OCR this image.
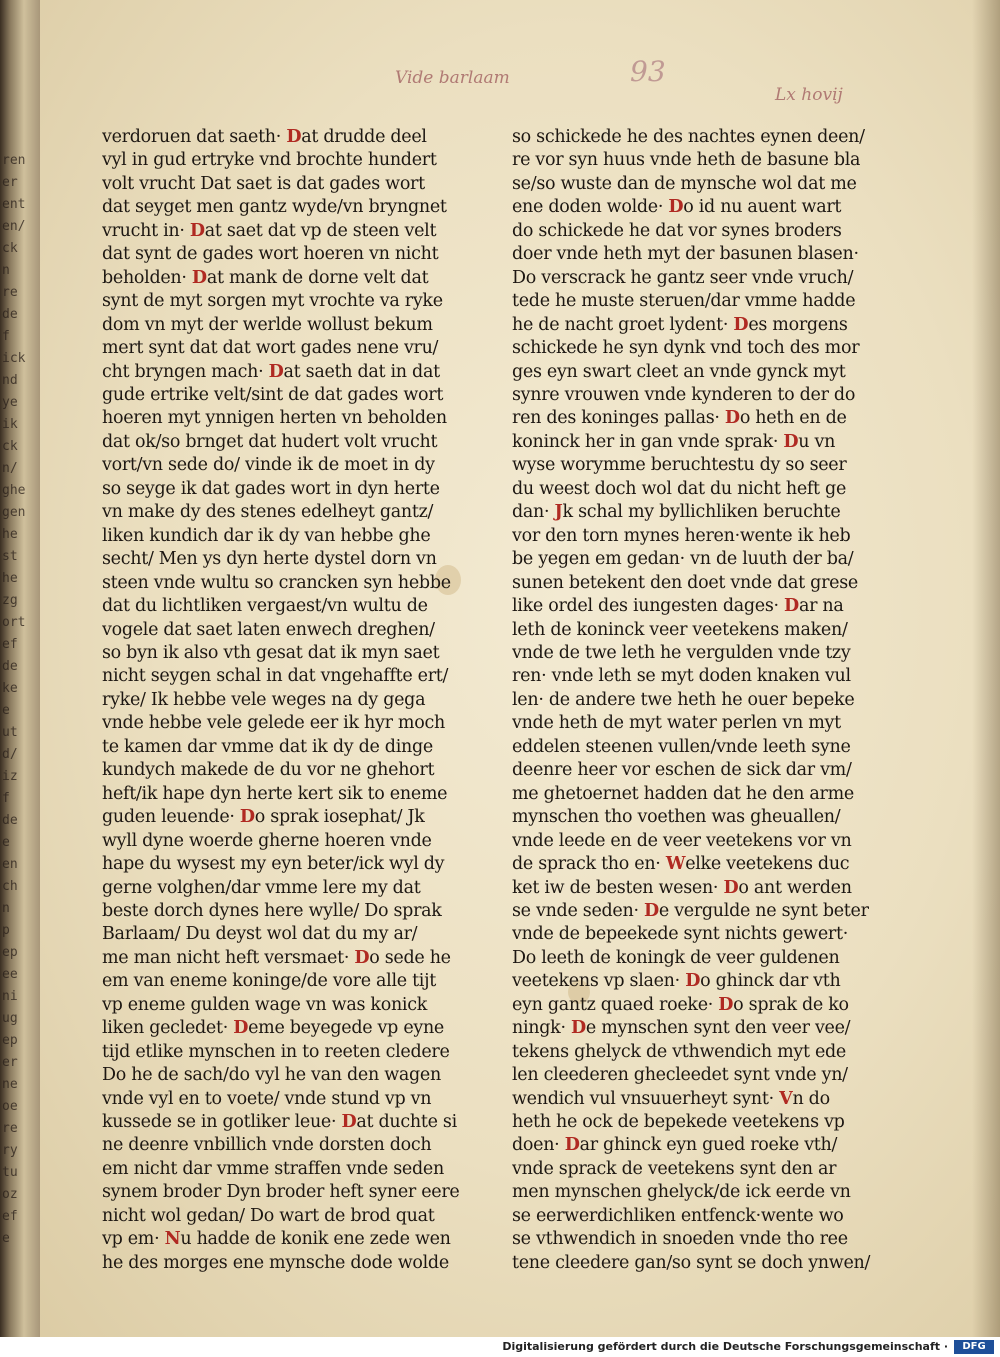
ren
er
ent
en/
ck
n
re
de
f
ick
nd
ye
ik
ck
n/
ghe
gen
he
st
he
zg
ort
ef
de
ke
e
ut
d/
iz
f
de
e
en
ch
n
p
ep
ee
ni
ug
ep
er
ne
oe
re
ry
tu
oz
ef
e
Vide barlaam	93
Lx hovij
verdoruen dat saeth· Dat drudde deel
vyl in gud ertryke vnd brochte hundert
volt vrucht Dat saet is dat gades wort
dat seyget men gantz wyde/vn bryngnet
vrucht in· Dat saet dat vp de steen velt
dat synt de gades wort hoeren vn nicht
beholden· Dat mank de dorne velt dat
synt de myt sorgen myt vrochte va ryke
dom vn myt der werlde wollust bekum
mert synt dat dat wort gades nene vru/
cht bryngen mach· Dat saeth dat in dat
gude ertrike velt/sint de dat gades wort
hoeren myt ynnigen herten vn beholden
dat ok/so brnget dat hudert volt vrucht
vort/vn sede do/ vinde ik de moet in dy
so seyge ik dat gades wort in dyn herte
vn make dy des stenes edelheyt gantz/
liken kundich dar ik dy van hebbe ghe
secht/ Men ys dyn herte dystel dorn vn
steen vnde wultu so crancken syn hebbe
dat du lichtliken vergaest/vn wultu de
vogele dat saet laten enwech dreghen/
so byn ik also vth gesat dat ik myn saet
nicht seygen schal in dat vngehaffte ert/
ryke/ Ik hebbe vele weges na dy gega
vnde hebbe vele gelede eer ik hyr moch
te kamen dar vmme dat ik dy de dinge
kundych makede de du vor ne ghehort
heft/ik hape dyn herte kert sik to eneme
guden leuende· Do sprak iosephat/ Jk
wyll dyne woerde gherne hoeren vnde
hape du wysest my eyn beter/ick wyl dy
gerne volghen/dar vmme lere my dat
beste dorch dynes here wylle/ Do sprak
Barlaam/ Du deyst wol dat du my ar/
me man nicht heft versmaet· Do sede he
em van eneme koninge/de vore alle tijt
vp eneme gulden wage vn was konick
liken gecledet· Deme beyegede vp eyne
tijd etlike mynschen in to reeten cledere
Do he de sach/do vyl he van den wagen
vnde vyl en to voete/ vnde stund vp vn
kussede se in gotliker leue· Dat duchte si
ne deenre vnbillich vnde dorsten doch
em nicht dar vmme straffen vnde seden
synem broder Dyn broder heft syner eere
nicht wol gedan/ Do wart de brod quat
vp em· Nu hadde de konik ene zede wen
he des morges ene mynsche dode wolde
so schickede he des nachtes eynen deen/
re vor syn huus vnde heth de basune bla
se/so wuste dan de mynsche wol dat me
ene doden wolde· Do id nu auent wart
do schickede he dat vor synes broders
doer vnde heth myt der basunen blasen·
Do verscrack he gantz seer vnde vruch/
tede he muste steruen/dar vmme hadde
he de nacht groet lydent· Des morgens
schickede he syn dynk vnd toch des mor
ges eyn swart cleet an vnde gynck myt
synre vrouwen vnde kynderen to der do
ren des koninges pallas· Do heth en de
koninck her in gan vnde sprak· Du vn
wyse worymme beruchtestu dy so seer
du weest doch wol dat du nicht heft ge
dan· Jk schal my byllichliken beruchte
vor den torn mynes heren·wente ik heb
be yegen em gedan· vn de luuth der ba/
sunen betekent den doet vnde dat grese
like ordel des iungesten dages· Dar na
leth de koninck veer veetekens maken/
vnde de twe leth he vergulden vnde tzy
ren· vnde leth se myt doden knaken vul
len· de andere twe heth he ouer bepeke
vnde heth de myt water perlen vn myt
eddelen steenen vullen/vnde leeth syne
deenre heer vor eschen de sick dar vm/
me ghetoernet hadden dat he den arme
mynschen tho voethen was gheuallen/
vnde leede en de veer veetekens vor vn
de sprack tho en· Welke veetekens duc
ket iw de besten wesen· Do ant werden
se vnde seden· De vergulde ne synt beter
vnde de bepeekede synt nichts gewert·
Do leeth de koningk de veer guldenen
veetekens vp slaen· Do ghinck dar vth
eyn gantz quaed roeke· Do sprak de ko
ningk· De mynschen synt den veer vee/
tekens ghelyck de vthwendich myt ede
len cleederen ghecleedet synt vnde yn/
wendich vul vnsuuerheyt synt· Vn do
heth he ock de bepekede veetekens vp
doen· Dar ghinck eyn gued roeke vth/
vnde sprack de veetekens synt den ar
men mynschen ghelyck/de ick eerde vn
se eerwerdichliken entfenck·wente wo
se vthwendich in snoeden vnde tho ree
tene cleedere gan/so synt se doch ynwen/
Digitalisierung gefördert durch die Deutsche Forschungsgemeinschaft ·	DFG
